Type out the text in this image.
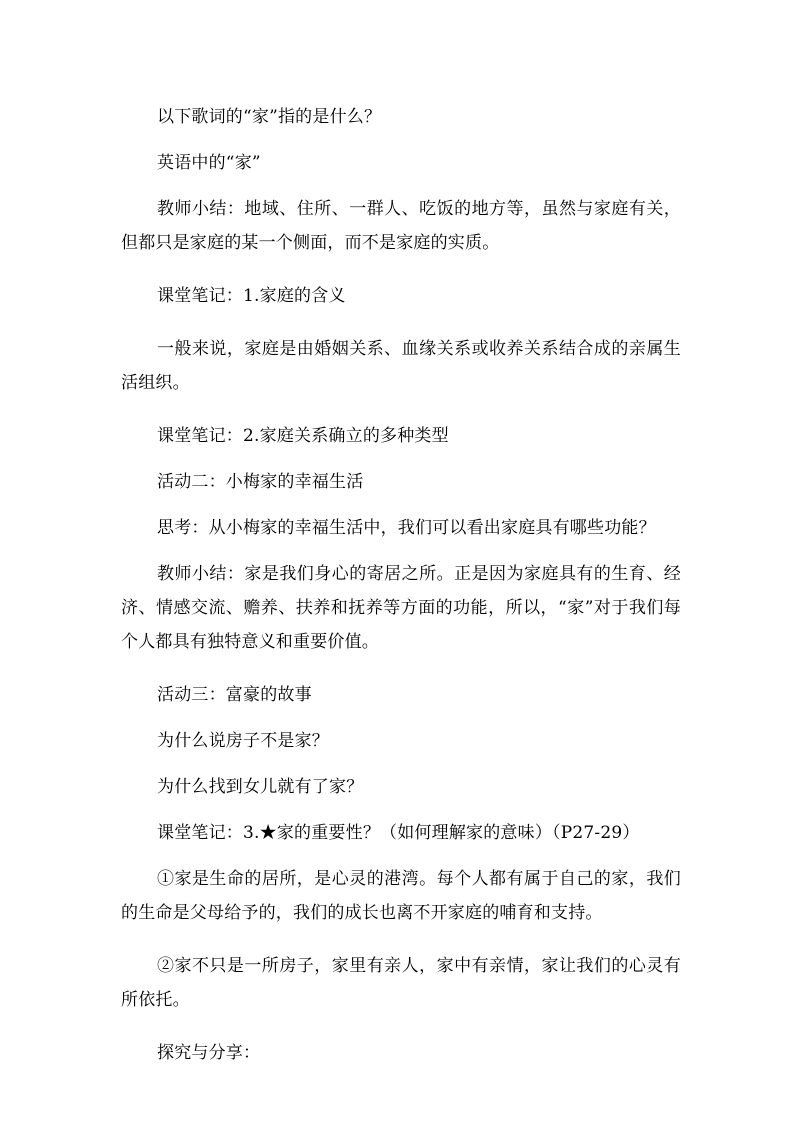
以下歌词的“家”指的是什么？

英语中的“家”

教师小结：地域、住所、一群人、吃饭的地方等，虽然与家庭有关，但都只是家庭的某一个侧面，而不是家庭的实质。

课堂笔记：1.家庭的含义

一般来说，家庭是由婚姻关系、血缘关系或收养关系结合成的亲属生活组织。

课堂笔记：2.家庭关系确立的多种类型

活动二：小梅家的幸福生活

思考：从小梅家的幸福生活中，我们可以看出家庭具有哪些功能？

教师小结：家是我们身心的寄居之所。正是因为家庭具有的生育、经济、情感交流、赡养、扶养和抚养等方面的功能，所以，“家”对于我们每个人都具有独特意义和重要价值。

活动三：富豪的故事

为什么说房子不是家？

为什么找到女儿就有了家？

课堂笔记：3.★家的重要性？（如何理解家的意味）（P27-29）

①家是生命的居所，是心灵的港湾。每个人都有属于自己的家，我们的生命是父母给予的，我们的成长也离不开家庭的哺育和支持。

②家不只是一所房子，家里有亲人，家中有亲情，家让我们的心灵有所依托。

探究与分享：
